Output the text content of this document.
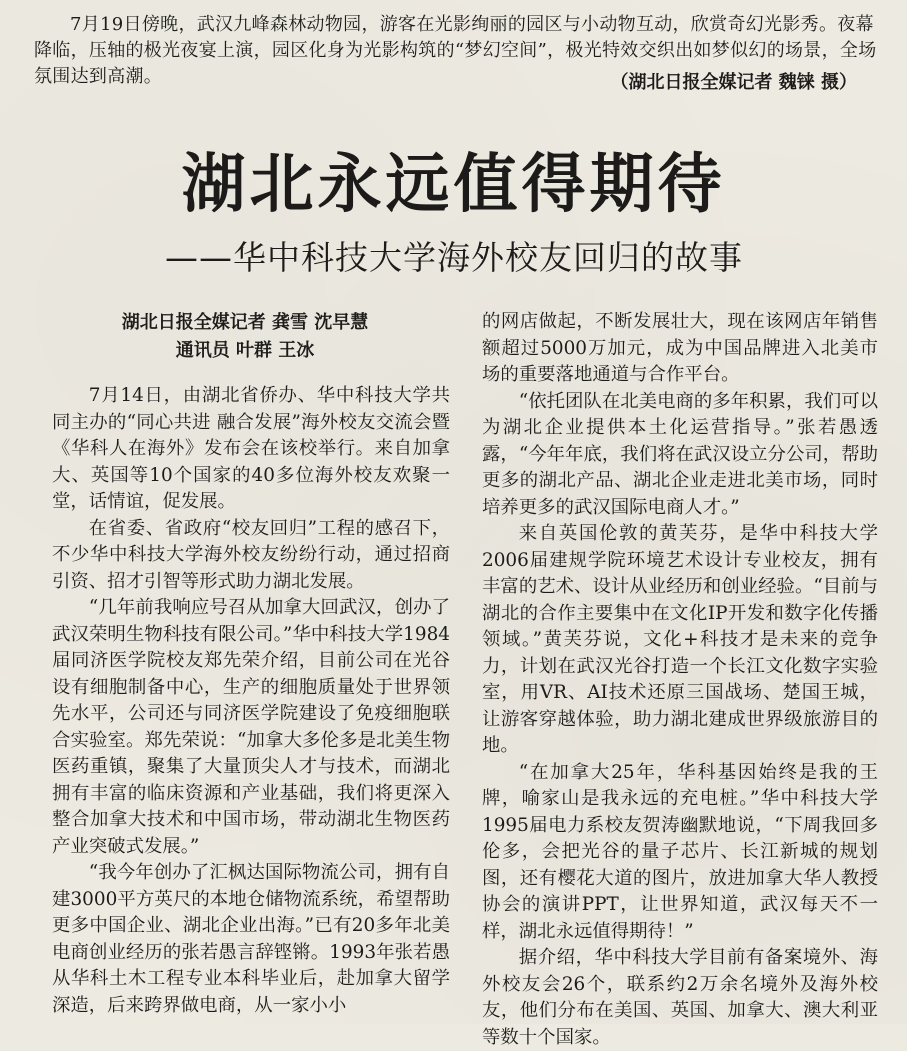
7月19日傍晚，武汉九峰森林动物园，游客在光影绚丽的园区与小动物互动，欣赏奇幻光影秀。夜幕降临，压轴的极光夜宴上演，园区化身为光影构筑的“梦幻空间”，极光特效交织出如梦似幻的场景，全场氛围达到高潮。	（湖北日报全媒记者 魏铼 摄）
湖北永远值得期待
——华中科技大学海外校友回归的故事
湖北日报全媒记者 龚雪 沈早慧
通讯员 叶群 王冰

7月14日，由湖北省侨办、华中科技大学共同主办的“同心共进 融合发展”海外校友交流会暨《华科人在海外》发布会在该校举行。来自加拿大、英国等10个国家的40多位海外校友欢聚一堂，话情谊，促发展。

在省委、省政府“校友回归”工程的感召下，不少华中科技大学海外校友纷纷行动，通过招商引资、招才引智等形式助力湖北发展。

“几年前我响应号召从加拿大回武汉，创办了武汉荣明生物科技有限公司。”华中科技大学1984届同济医学院校友郑先荣介绍，目前公司在光谷设有细胞制备中心，生产的细胞质量处于世界领先水平，公司还与同济医学院建设了免疫细胞联合实验室。郑先荣说：“加拿大多伦多是北美生物医药重镇，聚集了大量顶尖人才与技术，而湖北拥有丰富的临床资源和产业基础，我们将更深入整合加拿大技术和中国市场，带动湖北生物医药产业突破式发展。”

“我今年创办了汇枫达国际物流公司，拥有自建3000平方英尺的本地仓储物流系统，希望帮助更多中国企业、湖北企业出海。”已有20多年北美电商创业经历的张若愚言辞铿锵。1993年张若愚从华科土木工程专业本科毕业后，赴加拿大留学深造，后来跨界做电商，从一家小小

的网店做起，不断发展壮大，现在该网店年销售额超过5000万加元，成为中国品牌进入北美市场的重要落地通道与合作平台。

“依托团队在北美电商的多年积累，我们可以为湖北企业提供本土化运营指导。”张若愚透露，“今年年底，我们将在武汉设立分公司，帮助更多的湖北产品、湖北企业走进北美市场，同时培养更多的武汉国际电商人才。”

来自英国伦敦的黄芙芬，是华中科技大学2006届建规学院环境艺术设计专业校友，拥有丰富的艺术、设计从业经历和创业经验。“目前与湖北的合作主要集中在文化IP开发和数字化传播领域。”黄芙芬说，文化+科技才是未来的竞争力，计划在武汉光谷打造一个长江文化数字实验室，用VR、AI技术还原三国战场、楚国王城，让游客穿越体验，助力湖北建成世界级旅游目的地。

“在加拿大25年，华科基因始终是我的王牌，喻家山是我永远的充电桩。”华中科技大学1995届电力系校友贺涛幽默地说，“下周我回多伦多，会把光谷的量子芯片、长江新城的规划图，还有樱花大道的图片，放进加拿大华人教授协会的演讲PPT，让世界知道，武汉每天不一样，湖北永远值得期待！”

据介绍，华中科技大学目前有备案境外、海外校友会26个，联系约2万余名境外及海外校友，他们分布在美国、英国、加拿大、澳大利亚等数十个国家。
